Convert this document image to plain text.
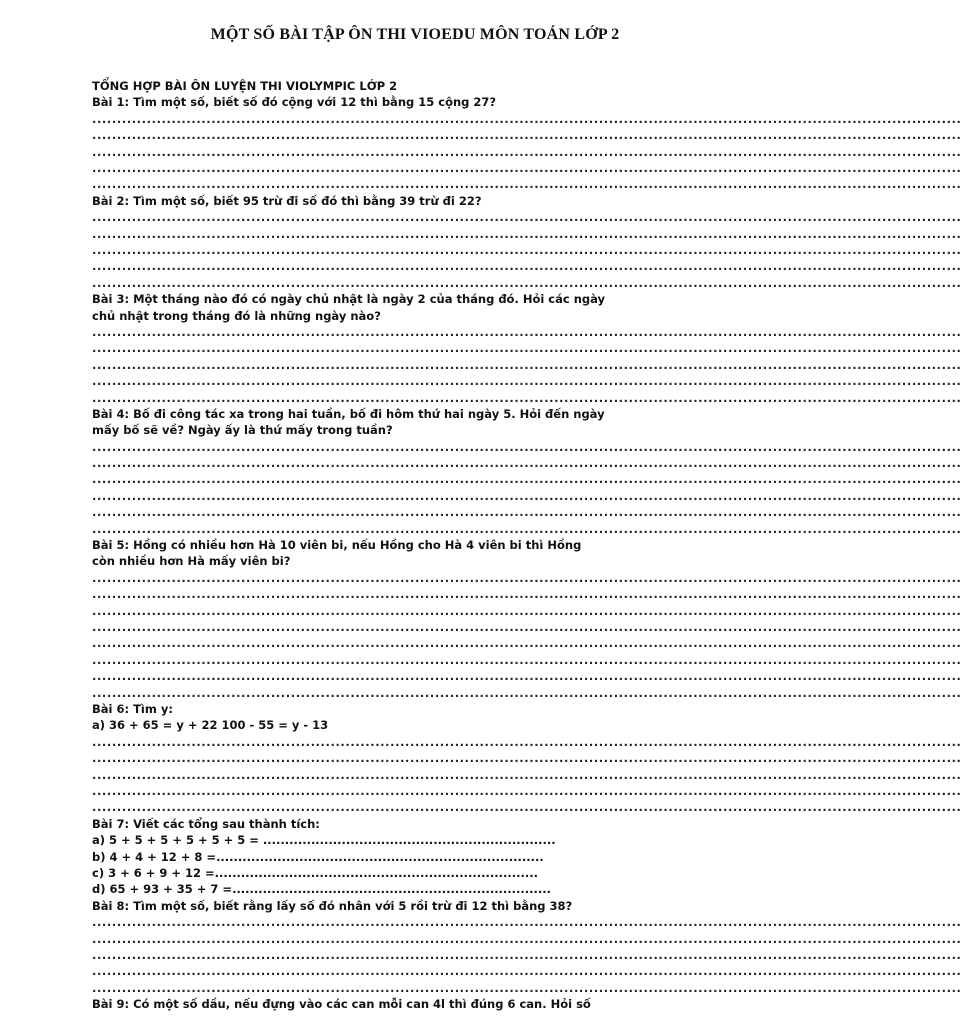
MỘT SỐ BÀI TẬP ÔN THI VIOEDU MÔN TOÁN LỚP 2
TỔNG HỢP BÀI ÔN LUYỆN THI VIOLYMPIC LỚP 2
Bài 1: Tìm một số, biết số đó cộng với 12 thì bằng 15 cộng 27?
...............................................................................................................................................................................
...............................................................................................................................................................................
...............................................................................................................................................................................
...............................................................................................................................................................................
...............................................................................................................................................................................
Bài 2: Tìm một số, biết 95 trừ đi số đó thì bằng 39 trừ đi 22?
...............................................................................................................................................................................
...............................................................................................................................................................................
...............................................................................................................................................................................
...............................................................................................................................................................................
...............................................................................................................................................................................
Bài 3: Một tháng nào đó có ngày chủ nhật là ngày 2 của tháng đó. Hỏi các ngày
chủ nhật trong tháng đó là những ngày nào?
...............................................................................................................................................................................
...............................................................................................................................................................................
...............................................................................................................................................................................
...............................................................................................................................................................................
...............................................................................................................................................................................
Bài 4: Bố đi công tác xa trong hai tuần, bố đi hôm thứ hai ngày 5. Hỏi đến ngày
mấy bố sẽ về? Ngày ấy là thứ mấy trong tuần?
...............................................................................................................................................................................
...............................................................................................................................................................................
...............................................................................................................................................................................
...............................................................................................................................................................................
...............................................................................................................................................................................
...............................................................................................................................................................................
Bài 5: Hồng có nhiều hơn Hà 10 viên bi, nếu Hồng cho Hà 4 viên bi thì Hồng
còn nhiều hơn Hà mấy viên bi?
...............................................................................................................................................................................
...............................................................................................................................................................................
...............................................................................................................................................................................
...............................................................................................................................................................................
...............................................................................................................................................................................
...............................................................................................................................................................................
...............................................................................................................................................................................
...............................................................................................................................................................................
Bài 6: Tìm y:
a) 36 + 65 = y + 22 100 - 55 = y - 13
...............................................................................................................................................................................
...............................................................................................................................................................................
...............................................................................................................................................................................
...............................................................................................................................................................................
...............................................................................................................................................................................
Bài 7: Viết các tổng sau thành tích:
a) 5 + 5 + 5 + 5 + 5 + 5 = ...................................................................
b) 4 + 4 + 12 + 8 =...........................................................................
c) 3 + 6 + 9 + 12 =..........................................................................
d) 65 + 93 + 35 + 7 =.........................................................................
Bài 8: Tìm một số, biết rằng lấy số đó nhân với 5 rồi trừ đi 12 thì bằng 38?
...............................................................................................................................................................................
...............................................................................................................................................................................
...............................................................................................................................................................................
...............................................................................................................................................................................
...............................................................................................................................................................................
Bài 9: Có một số dầu, nếu đựng vào các can mỗi can 4l thì đúng 6 can. Hỏi số
